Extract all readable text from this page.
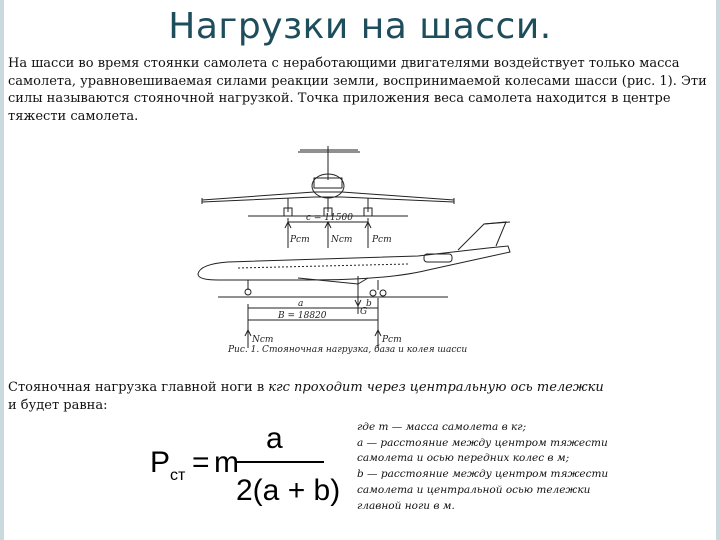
Нагрузки на шасси.
На шасси во время стоянки самолета с неработающими двигателями воздействует только масса самолета, уравновешиваемая силами реакции земли, воспринимаемой колесами шасси (рис. 1). Эти силы называются стояночной нагрузкой. Точка приложения веса самолета находится в центре тяжести самолета.
с = 11500
Pст Nст Pст
а	b
G
В = 18820
Nст	Pст
Рис. 1. Стояночная нагрузка, база и колея шасси
Стояночная нагрузка главной ноги в кгс проходит через центральную ось тележки
и будет равна:
P ст = m
a
2(a + b)
где m — масса самолета в кг;
а — расстояние между центром тяжести
самолета и осью передних колес в м;
b — расстояние между центром тяжести
самолета и центральной осью тележки
главной ноги в м.
